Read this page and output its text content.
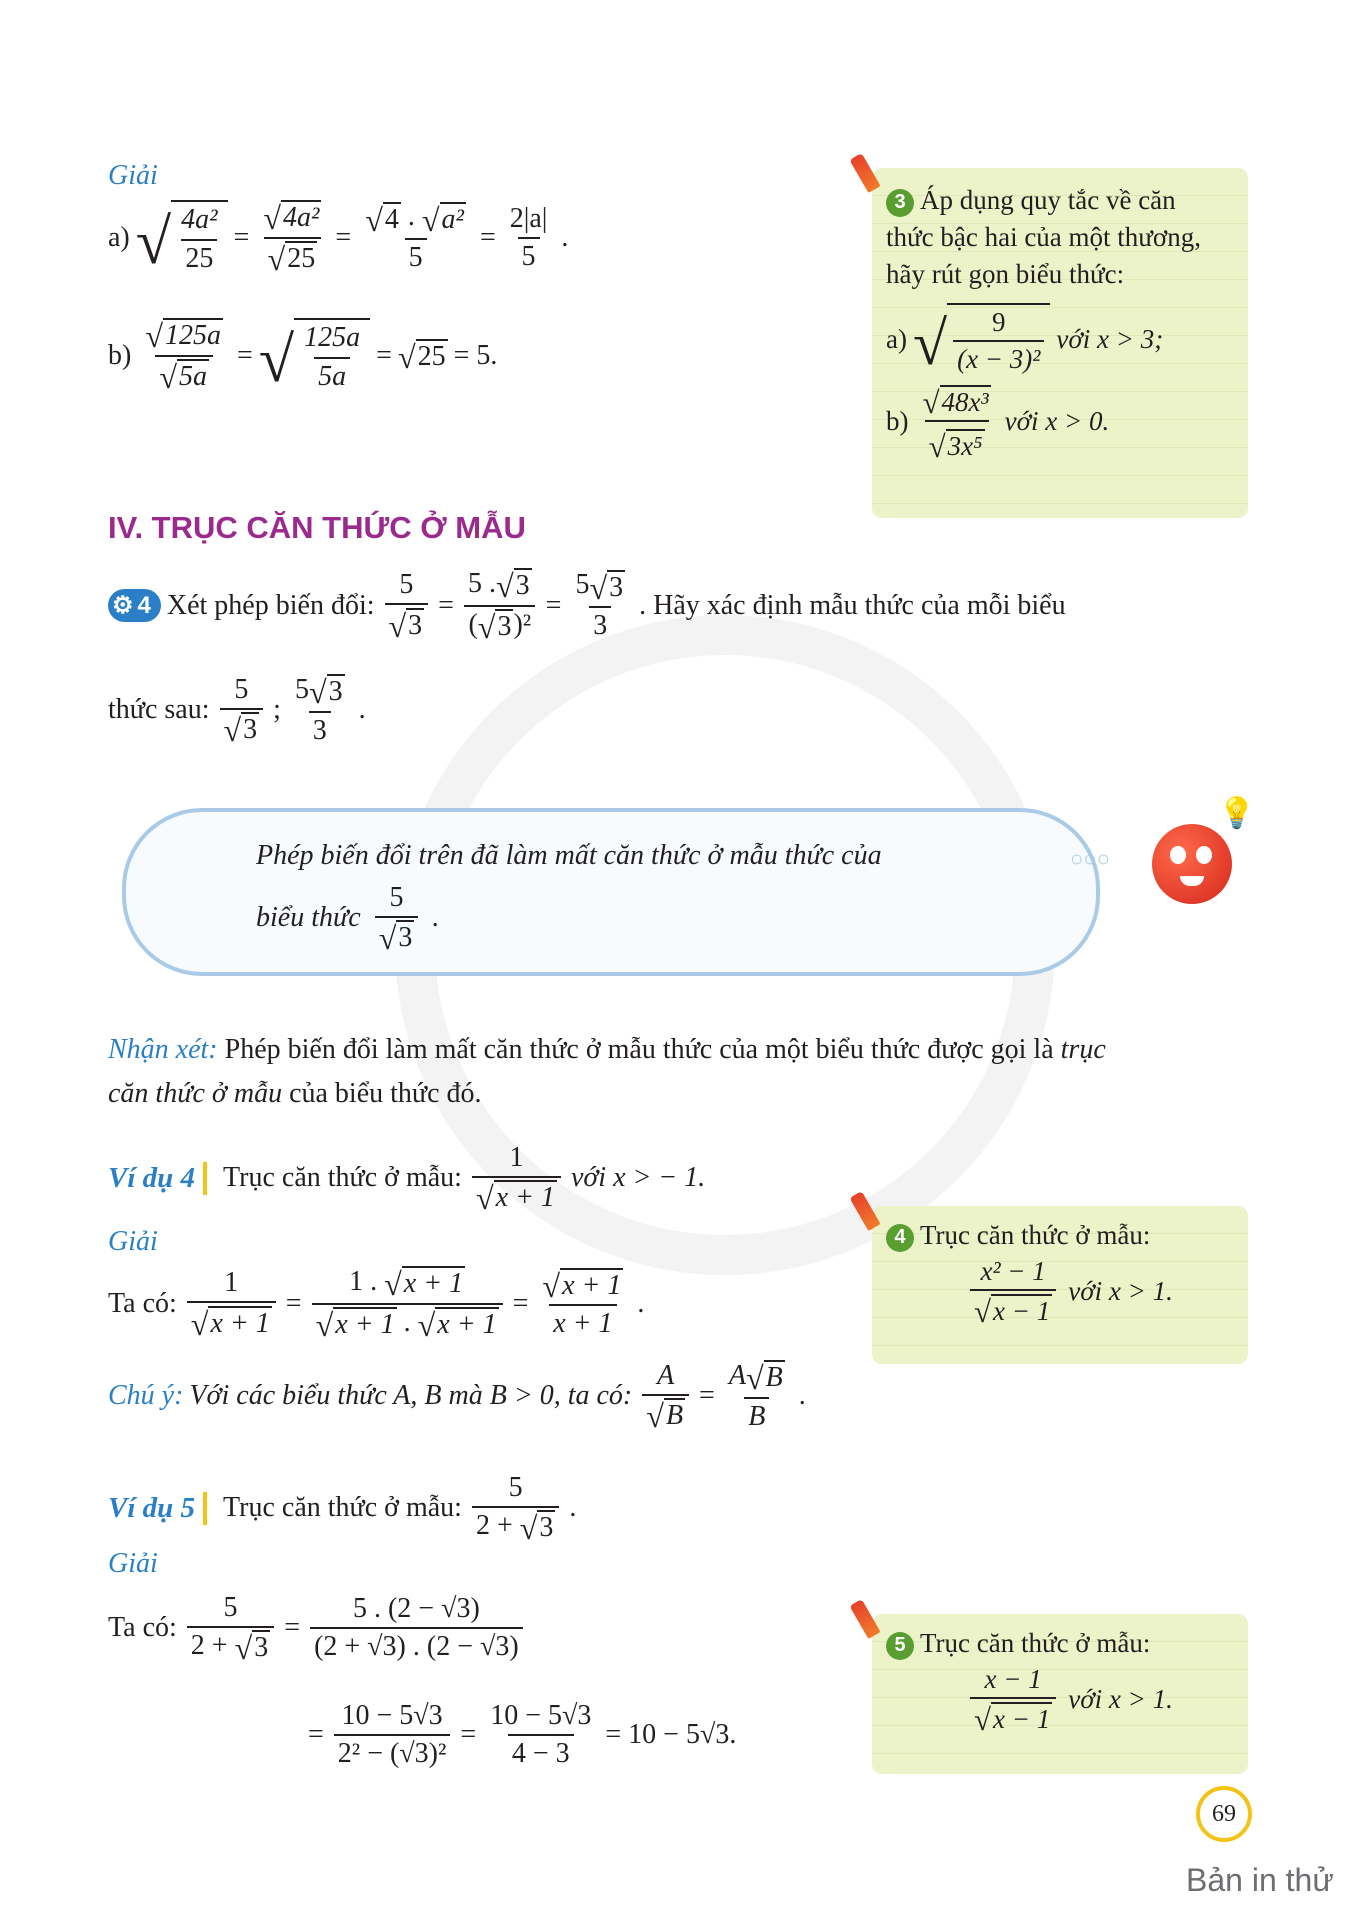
Giải
a) √ $\frac{\text{4a²}}{25} = \frac{\text{√ 4a²}}{√ 25} = \frac{\text{√ 4 . √ a²}}{5} = \frac{2|a|}{5}$ .
$b) \frac{√ 125a}{√ 5a}$ = √ $\frac{125a}{5a}$ = √ 25 = 5.
3 Áp dụng quy tắc về căn
thức bậc hai của một thương,
hãy rút gọn biểu thức:
a) √ $\frac{9}{\text{(x − 3)²}}$ với x > 3;
$b) \frac{\text{√ 48x³}}{\text{√ 3x⁵}}$ với x > 0.
IV. TRỤC CĂN THỨC Ở MẪU
⚙ 4 Xét phép biến đổi: $\frac{5}{√ 3} = \frac{5 . √ 3}{\text{( √ 3 )²}} = \frac{5 √ 3}{3}$ . Hãy xác định mẫu thức của mỗi biểu
thức sau: $\frac{5}{√ 3}$ ; $\frac{5 √ 3}{3}$ .
Phép biến đổi trên đã làm mất căn thức ở mẫu thức của
biểu thức $\frac{5}{√ 3}$ .
○○○
💡
Nhận xét: Phép biến đổi làm mất căn thức ở mẫu thức của một biểu thức được gọi là trục
căn thức ở mẫu của biểu thức đó.
Ví dụ 4	Trục căn thức ở mẫu: $\frac{1}{√ x + 1}$ với x > − 1.
Giải
Ta có: $\frac{1}{√ x + 1} = \frac{1 . √ x + 1}{√ x + 1 . √ x + 1} = \frac{√ x + 1}{x + 1}$ .
4 Trục căn thức ở mẫu:
$\frac{\text{x² − 1}}{√ x - 1}$ với x > 1.
Chú ý: Với các biểu thức A, B mà B > 0, ta có: $\frac{A}{√ B} = \frac{A √ B}{B}$ .
Ví dụ 5	Trục căn thức ở mẫu: $\frac{5}{2 + √ 3}$ .
Giải
Ta có: $\frac{5}{2 + √ 3} = \frac{5 . (2 - √3)}{(2 + √3) . (2 - √3)}$
= $\frac{10 - 5√3}{\text{2² − (√3)²}} = \frac{10 - 5√3}{4 - 3} = 10 - 5√3$.
5 Trục căn thức ở mẫu:
$\frac{x - 1}{√ x - 1}$ với x > 1.
69
Bản in thử
